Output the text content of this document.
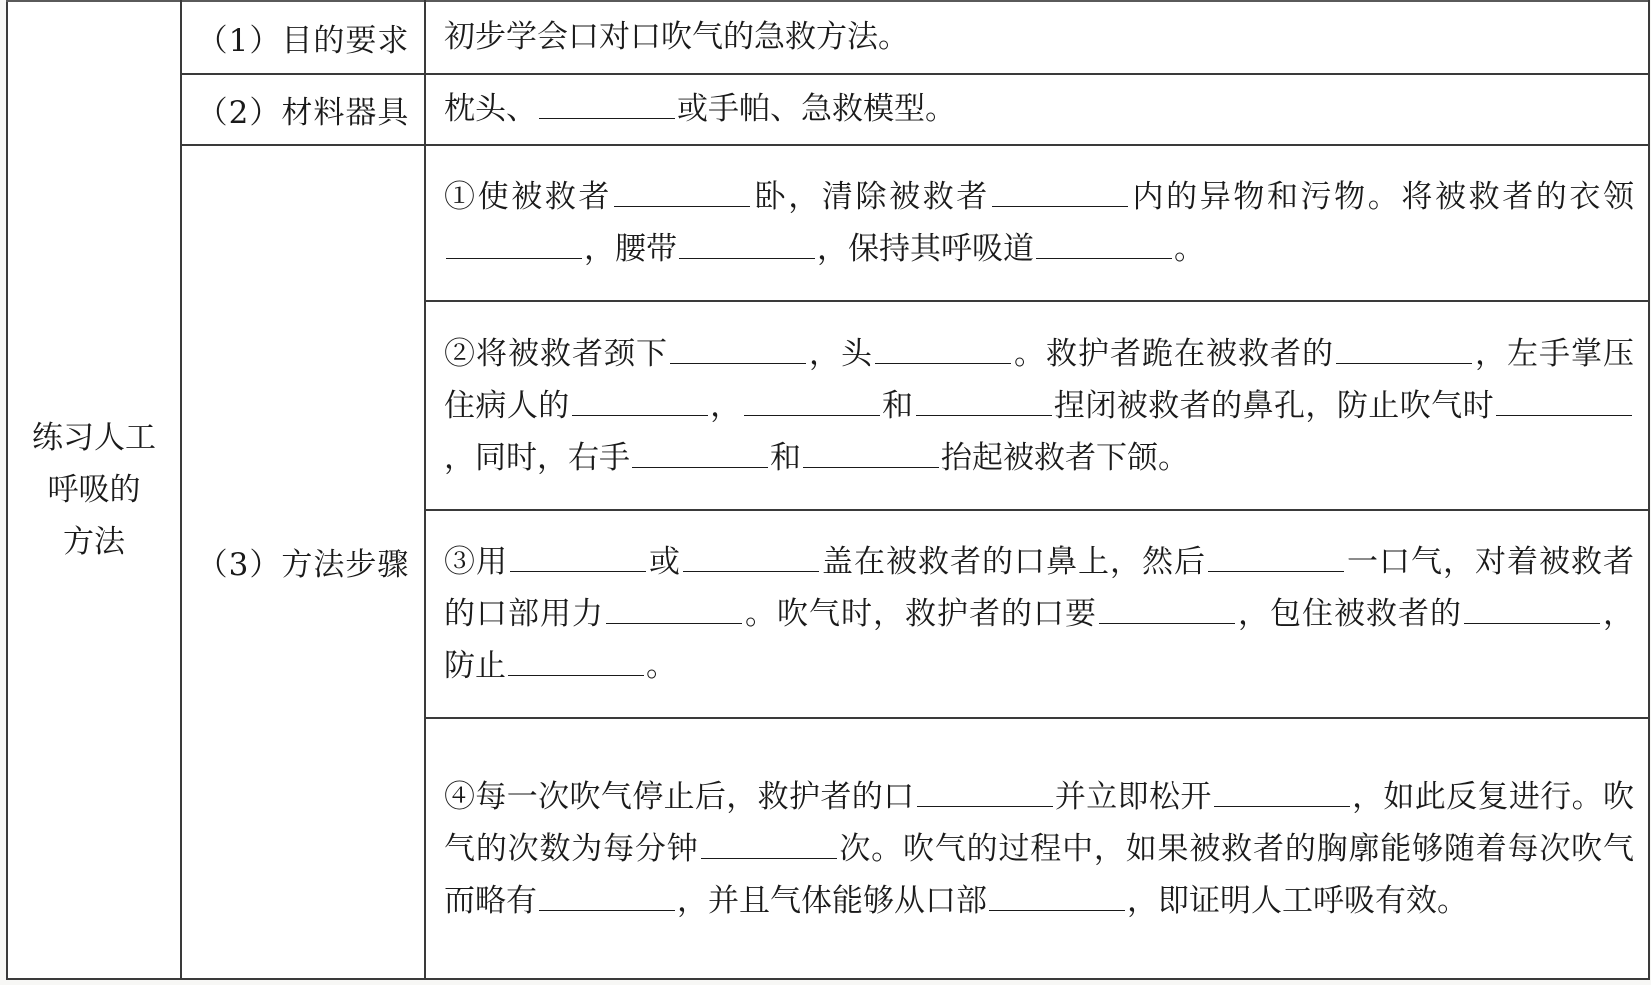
练习人工
呼吸的
方法	（1）目的要求	初步学会口对口吹气的急救方法。
	（2）材料器具	枕头、 或手帕、急救模型。
	（3）方法步骤	①使被救者 卧，清除被救者 内的异物和污物。将被救者的衣领，腰带 ，保持其呼吸道 。
		②将被救者颈下 ，头 。救护者跪在被救者的 ，左手掌压住病人的 ， 和 捏闭被救者的鼻孔，防止吹气时，同时，右手 和 抬起被救者下颌。
		③用 或 盖在被救者的口鼻上，然后 一口气，对着被救者的口部用力 。吹气时，救护者的口要 ，包住被救者的 ，防止 。
		④每一次吹气停止后，救护者的口 并立即松开 ，如此反复进行。吹气的次数为每分钟 次。吹气的过程中，如果被救者的胸廓能够随着每次吹气而略有 ，并且气体能够从口部 ，即证明人工呼吸有效。
